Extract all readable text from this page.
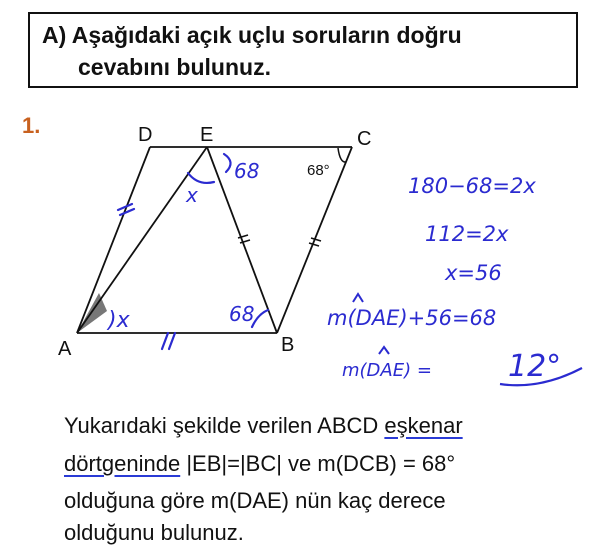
A) Aşağıdaki açık uçlu soruların doğru
cevabını bulunuz.
1.	D E	C
A	B
68°
68
68
)x
x	180−68=2x
112=2x
x=56
m(DAE)+56=68
m(DAE) =	12°
Yukarıdaki şekilde verilen ABCD eşkenar
dörtgeninde |EB|=|BC| ve m(DCB) = 68°
olduğuna göre m(DAE) nün kaç derece
olduğunu bulunuz.
